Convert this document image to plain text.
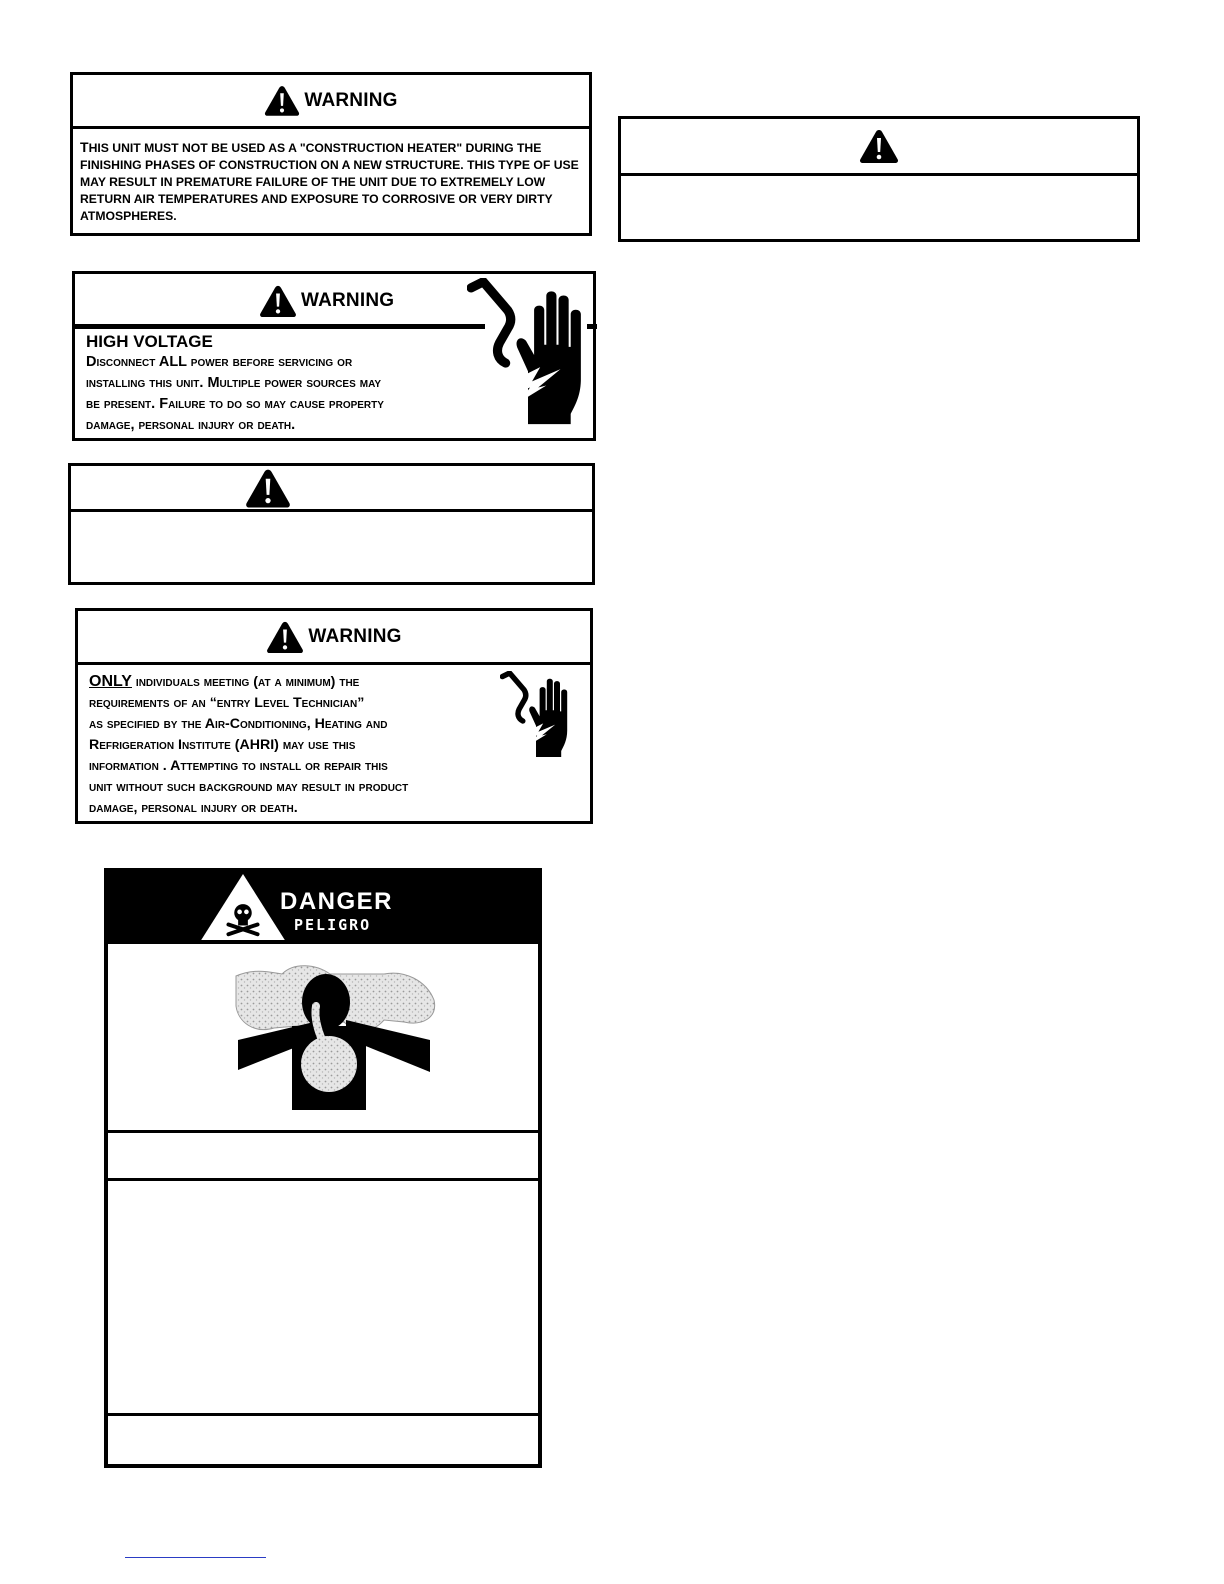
WARNING
THIS UNIT MUST NOT BE USED AS A "CONSTRUCTION HEATER" DURING THE FINISHING PHASES OF CONSTRUCTION ON A NEW STRUCTURE. THIS TYPE OF USE MAY RESULT IN PREMATURE FAILURE OF THE UNIT DUE TO EXTREMELY LOW RETURN AIR TEMPERATURES AND EXPOSURE TO CORROSIVE OR VERY DIRTY ATMOSPHERES.
WARNING
HIGH VOLTAGE
Disconnect ALL power before servicing or
installing this unit. Multiple power sources may
be present. Failure to do so may cause property
damage, personal injury or death.
WARNING
ONLY individuals meeting (at a minimum) the
requirements of an “entry Level Technician”
as specified by the Air-Conditioning, Heating and
Refrigeration Institute (AHRI) may use this
information . Attempting to install or repair this
unit without such background may result in product
damage, personal injury or death.
DANGER
PELIGRO
